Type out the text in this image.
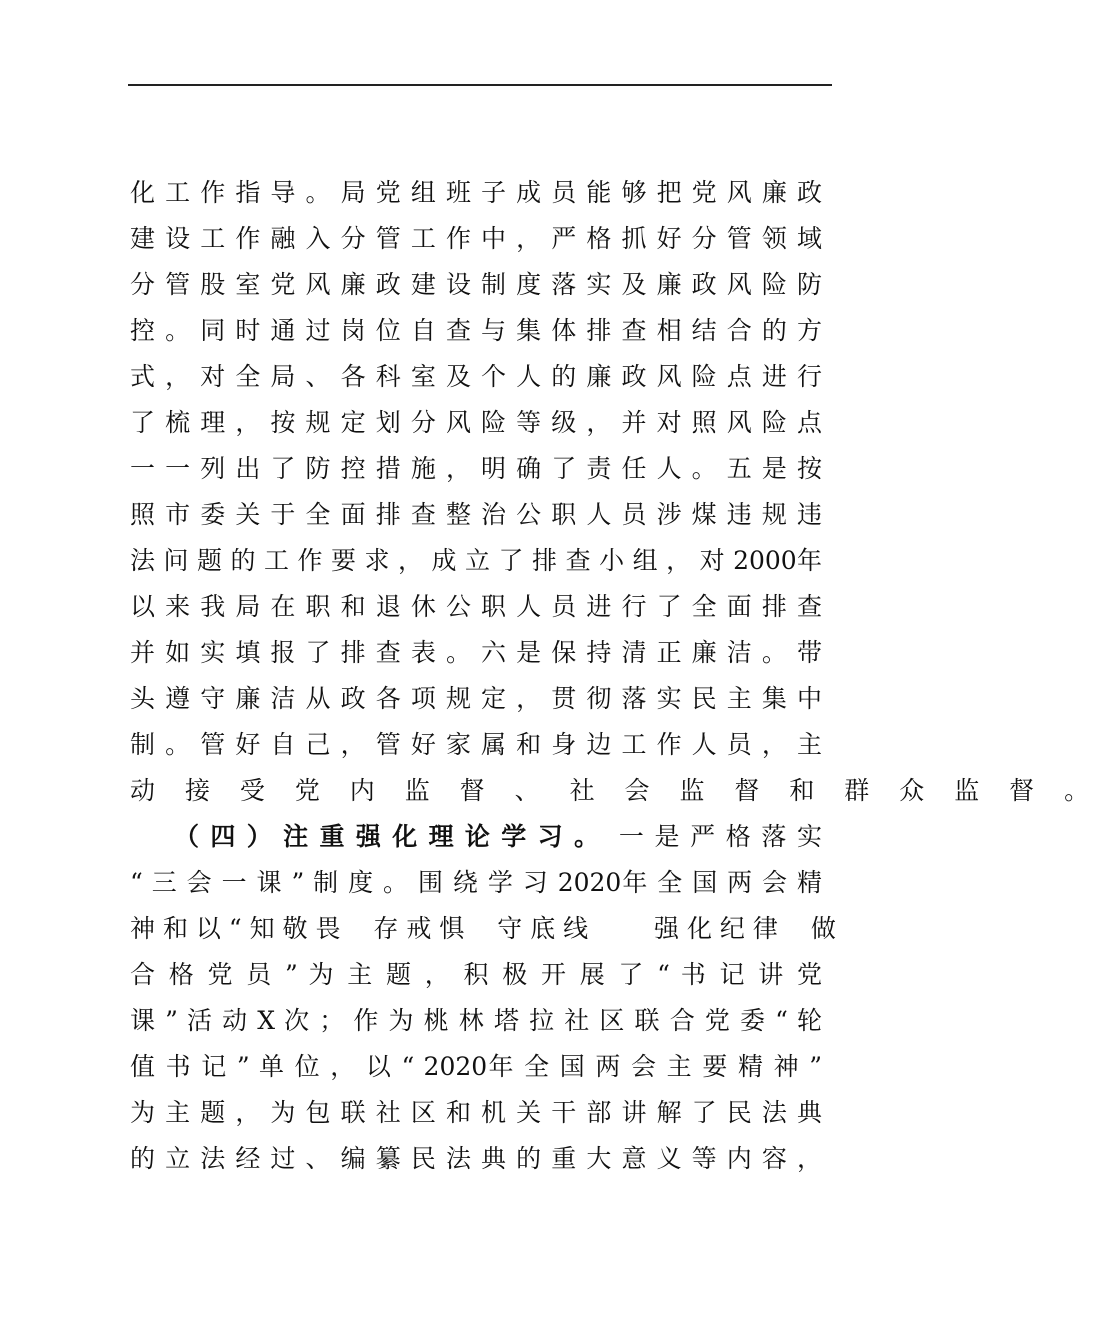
化 工 作 指 导 。 局 党 组 班 子 成 员 能 够 把 党 风 廉 政
建 设 工 作 融 入 分 管 工 作 中 ， 严 格 抓 好 分 管 领 域
分 管 股 室 党 风 廉 政 建 设 制 度 落 实 及 廉 政 风 险 防
控 。 同 时 通 过 岗 位 自 查 与 集 体 排 查 相 结 合 的 方
式 ， 对 全 局 、 各 科 室 及 个 人 的 廉 政 风 险 点 进 行
了 梳 理 ， 按 规 定 划 分 风 险 等 级 ， 并 对 照 风 险 点
一 一 列 出 了 防 控 措 施 ， 明 确 了 责 任 人 。 五 是 按
照 市 委 关 于 全 面 排 查 整 治 公 职 人 员 涉 煤 违 规 违
法 问 题 的 工 作 要 求 ， 成 立 了 排 查 小 组 ， 对 2000年
以 来 我 局 在 职 和 退 休 公 职 人 员 进 行 了 全 面 排 查
并 如 实 填 报 了 排 查 表 。 六 是 保 持 清 正 廉 洁 。 带
头 遵 守 廉 洁 从 政 各 项 规 定 ， 贯 彻 落 实 民 主 集 中
制 。 管 好 自 己 ， 管 好 家 属 和 身 边 工 作 人 员 ， 主
动 接 受 党 内 监 督 、 社 会 监 督 和 群 众 监 督 。
（ 四 ） 注 重 强 化 理 论 学 习 。 一 是 严 格 落 实
“ 三 会 一 课 ” 制 度 。 围 绕 学 习 2020年 全 国 两 会 精
神 和 以 “ 知 敬 畏 　存 戒 惧 　守 底 线 　 　强 化 纪 律 　做
合 格 党 员 ” 为 主 题 ， 积 极 开 展 了 “ 书 记 讲 党
课 ” 活 动 X 次 ； 作 为 桃 林 塔 拉 社 区 联 合 党 委 “ 轮
值 书 记 ” 单 位 ， 以 “ 2020年 全 国 两 会 主 要 精 神 ”
为 主 题 ， 为 包 联 社 区 和 机 关 干 部 讲 解 了 民 法 典
的 立 法 经 过 、 编 纂 民 法 典 的 重 大 意 义 等 内 容 ，
